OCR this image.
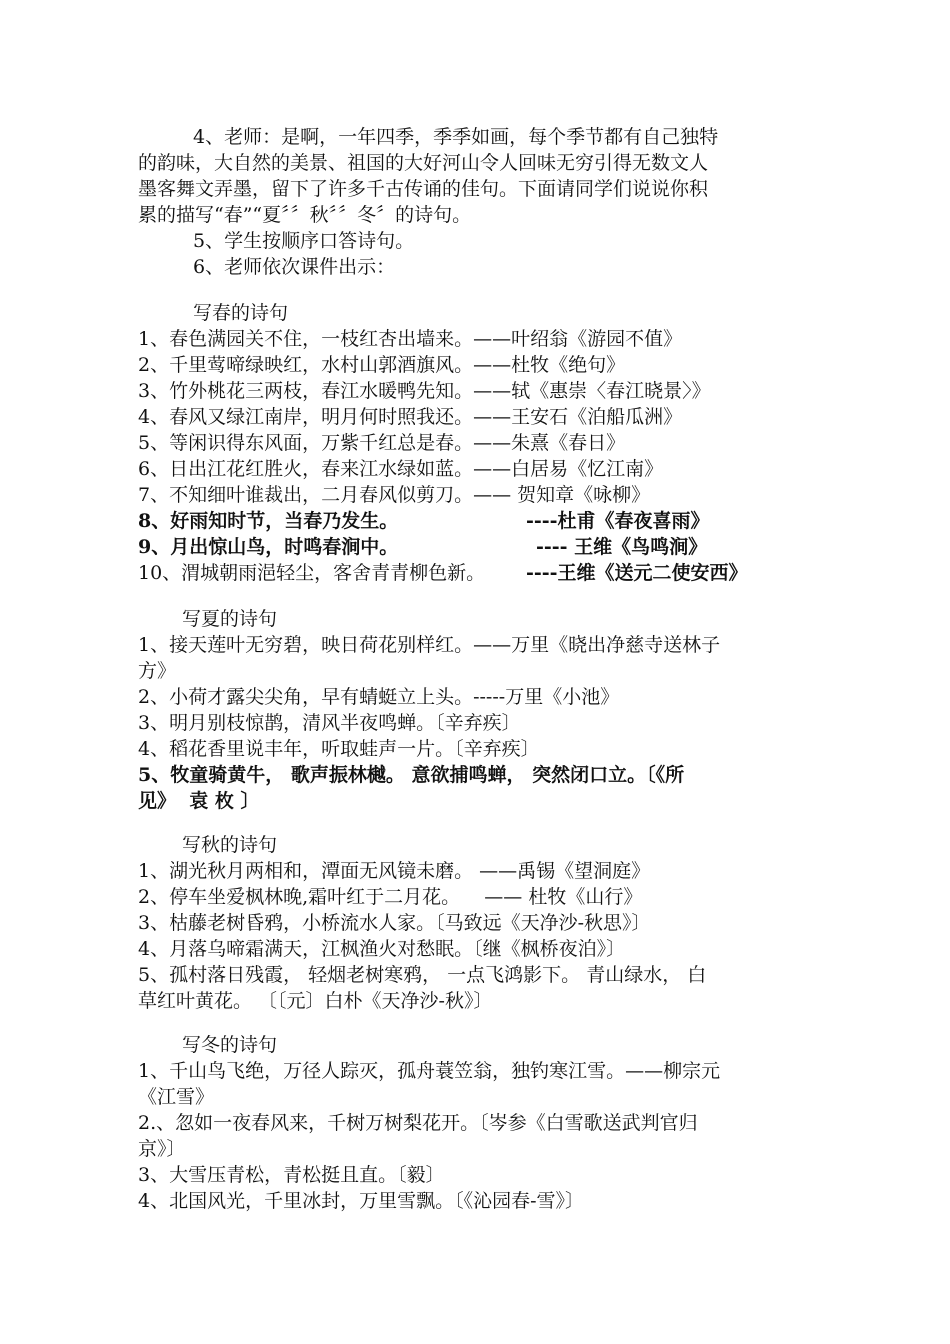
4、老师：是啊，一年四季，季季如画，每个季节都有自己独特
的韵味，大自然的美景、祖国的大好河山令人回味无穷引得无数文人
墨客舞文弄墨，留下了许多千古传诵的佳句。下面请同学们说说你积
累的描写“春”“夏〞〞秋〞〞冬〞的诗句。
5、学生按顺序口答诗句。
6、老师依次课件出示：
写春的诗句
1、春色满园关不住，一枝红杏出墙来。——叶绍翁《游园不值》
2、千里莺啼绿映红，水村山郭酒旗风。——杜牧《绝句》
3、竹外桃花三两枝，春江水暖鸭先知。——轼《惠崇〈春江晓景〉》
4、春风又绿江南岸，明月何时照我还。——王安石《泊船瓜洲》
5、等闲识得东风面，万紫千红总是春。——朱熹《春日》
6、日出江花红胜火，春来江水绿如蓝。——白居易《忆江南》
7、不知细叶谁裁出，二月春风似剪刀。—— 贺知章《咏柳》
8、好雨知时节，当春乃发生。	----杜甫《春夜喜雨》
9、月出惊山鸟，时鸣春涧中。	---- 王维《鸟鸣涧》
10、渭城朝雨浥轻尘，客舍青青柳色新。 ----王维《送元二使安西》
写夏的诗句
1、接天莲叶无穷碧，映日荷花别样红。——万里《晓出净慈寺送林子
方》
2、小荷才露尖尖角，早有蜻蜓立上头。-----万里《小池》
3、明月别枝惊鹊，清风半夜鸣蝉。〔辛弃疾〕
4、稻花香里说丰年，听取蛙声一片。〔辛弃疾〕
5、牧童骑黄牛， 歌声振林樾。 意欲捕鸣蝉， 突然闭口立。〔《所
见》  袁 枚 〕
写秋的诗句
1、湖光秋月两相和，潭面无风镜未磨。 ——禹锡《望洞庭》
2、停车坐爱枫林晚,霜叶红于二月花。    —— 杜牧《山行》
3、枯藤老树昏鸦，小桥流水人家。〔马致远《天净沙-秋思》〕
4、月落乌啼霜满天，江枫渔火对愁眠。〔继《枫桥夜泊》〕
5、孤村落日残霞， 轻烟老树寒鸦， 一点飞鸿影下。 青山绿水， 白
草红叶黄花。 〔〔元〕白朴《天净沙-秋》〕
写冬的诗句
1、千山鸟飞绝，万径人踪灭，孤舟蓑笠翁，独钓寒江雪。——柳宗元
《江雪》
2.、忽如一夜春风来，千树万树梨花开。〔岑参《白雪歌送武判官归
京》〕
3、大雪压青松，青松挺且直。〔毅〕
4、北国风光，千里冰封，万里雪飘。〔《沁园春-雪》〕
